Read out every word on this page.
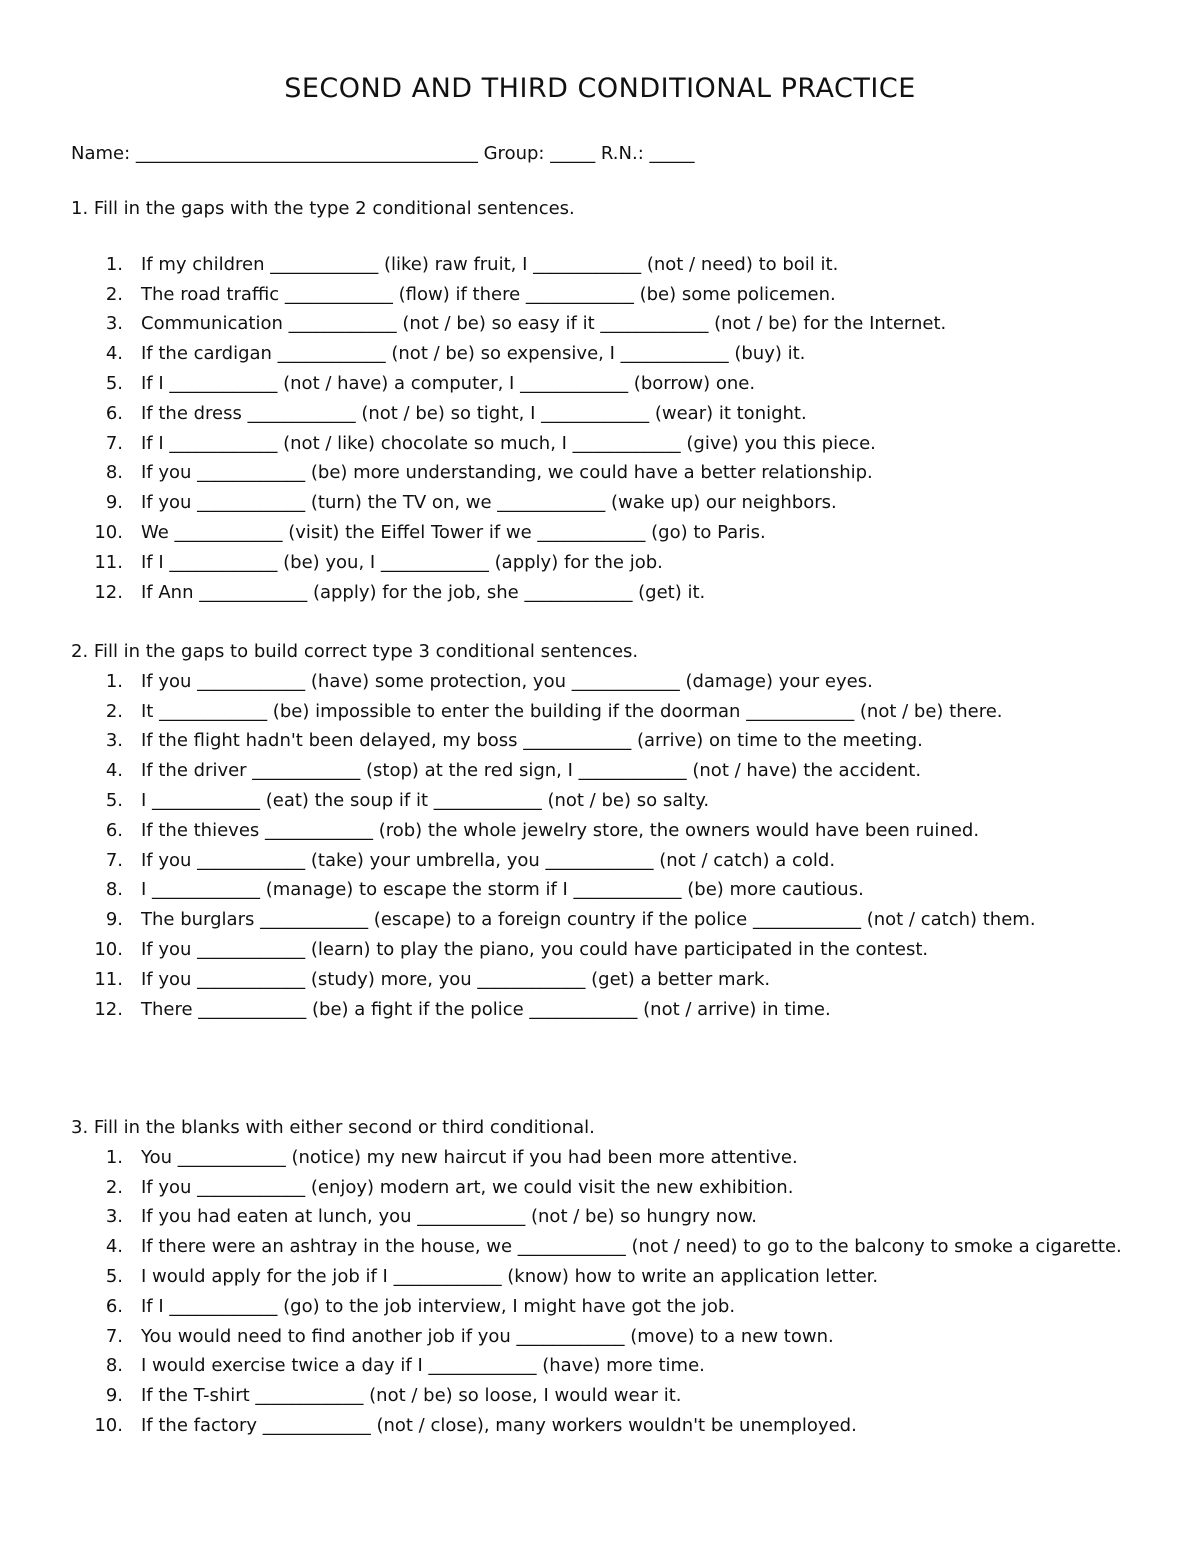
SECOND AND THIRD CONDITIONAL PRACTICE
Name: ______________________________________ Group: _____ R.N.: _____
1. Fill in the gaps with the type 2 conditional sentences.
1. If my children ____________ (like) raw fruit, I ____________ (not / need) to boil it.
2. The road traffic ____________ (flow) if there ____________ (be) some policemen.
3. Communication ____________ (not / be) so easy if it ____________ (not / be) for the Internet.
4. If the cardigan ____________ (not / be) so expensive, I ____________ (buy) it.
5. If I ____________ (not / have) a computer, I ____________ (borrow) one.
6. If the dress ____________ (not / be) so tight, I ____________ (wear) it tonight.
7. If I ____________ (not / like) chocolate so much, I ____________ (give) you this piece.
8. If you ____________ (be) more understanding, we could have a better relationship.
9. If you ____________ (turn) the TV on, we ____________ (wake up) our neighbors.
10. We ____________ (visit) the Eiffel Tower if we ____________ (go) to Paris.
11. If I ____________ (be) you, I ____________ (apply) for the job.
12. If Ann ____________ (apply) for the job, she ____________ (get) it.
2. Fill in the gaps to build correct type 3 conditional sentences.
1. If you ____________ (have) some protection, you ____________ (damage) your eyes.
2. It ____________ (be) impossible to enter the building if the doorman ____________ (not / be) there.
3. If the flight hadn't been delayed, my boss ____________ (arrive) on time to the meeting.
4. If the driver ____________ (stop) at the red sign, I ____________ (not / have) the accident.
5. I ____________ (eat) the soup if it ____________ (not / be) so salty.
6. If the thieves ____________ (rob) the whole jewelry store, the owners would have been ruined.
7. If you ____________ (take) your umbrella, you ____________ (not / catch) a cold.
8. I ____________ (manage) to escape the storm if I ____________ (be) more cautious.
9. The burglars ____________ (escape) to a foreign country if the police ____________ (not / catch) them.
10. If you ____________ (learn) to play the piano, you could have participated in the contest.
11. If you ____________ (study) more, you ____________ (get) a better mark.
12. There ____________ (be) a fight if the police ____________ (not / arrive) in time.
3. Fill in the blanks with either second or third conditional.
1. You ____________ (notice) my new haircut if you had been more attentive.
2. If you ____________ (enjoy) modern art, we could visit the new exhibition.
3. If you had eaten at lunch, you ____________ (not / be) so hungry now.
4. If there were an ashtray in the house, we ____________ (not / need) to go to the balcony to smoke a cigarette.
5. I would apply for the job if I ____________ (know) how to write an application letter.
6. If I ____________ (go) to the job interview, I might have got the job.
7. You would need to find another job if you ____________ (move) to a new town.
8. I would exercise twice a day if I ____________ (have) more time.
9. If the T-shirt ____________ (not / be) so loose, I would wear it.
10. If the factory ____________ (not / close), many workers wouldn't be unemployed.
